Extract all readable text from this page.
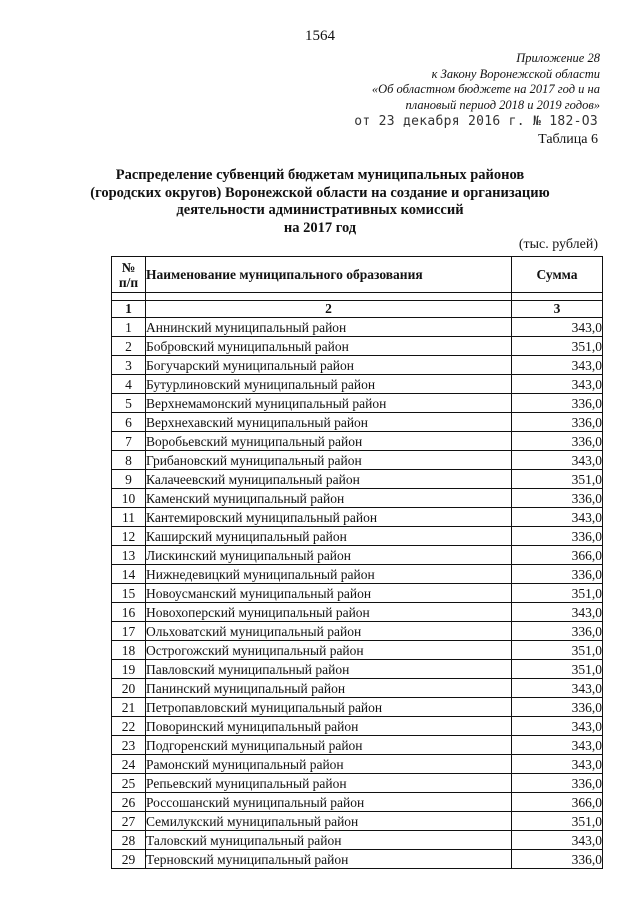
1564
Приложение 28
к Закону Воронежской области
«Об областном бюджете на 2017 год и на
плановый период 2018 и 2019 годов»
от 23 декабря 2016 г. № 182-ОЗ
Таблица 6
Распределение субвенций бюджетам муниципальных районов
(городских округов) Воронежской области на создание и организацию
деятельности административных комиссий
на 2017 год
(тыс. рублей)
№
п/п	Наименование муниципального образования	Сумма

1	2	3
1	Аннинский муниципальный район	343,0
2	Бобровский муниципальный район	351,0
3	Богучарский муниципальный район	343,0
4	Бутурлиновский муниципальный район	343,0
5	Верхнемамонский муниципальный район	336,0
6	Верхнехавский муниципальный район	336,0
7	Воробьевский муниципальный район	336,0
8	Грибановский муниципальный район	343,0
9	Калачеевский муниципальный район	351,0
10	Каменский муниципальный район	336,0
11	Кантемировский муниципальный район	343,0
12	Каширский муниципальный район	336,0
13	Лискинский муниципальный район	366,0
14	Нижнедевицкий муниципальный район	336,0
15	Новоусманский муниципальный район	351,0
16	Новохоперский муниципальный район	343,0
17	Ольховатский муниципальный район	336,0
18	Острогожский муниципальный район	351,0
19	Павловский муниципальный район	351,0
20	Панинский муниципальный район	343,0
21	Петропавловский муниципальный район	336,0
22	Поворинский муниципальный район	343,0
23	Подгоренский муниципальный район	343,0
24	Рамонский муниципальный район	343,0
25	Репьевский муниципальный район	336,0
26	Россошанский муниципальный район	366,0
27	Семилукский муниципальный район	351,0
28	Таловский муниципальный район	343,0
29	Терновский муниципальный район	336,0
